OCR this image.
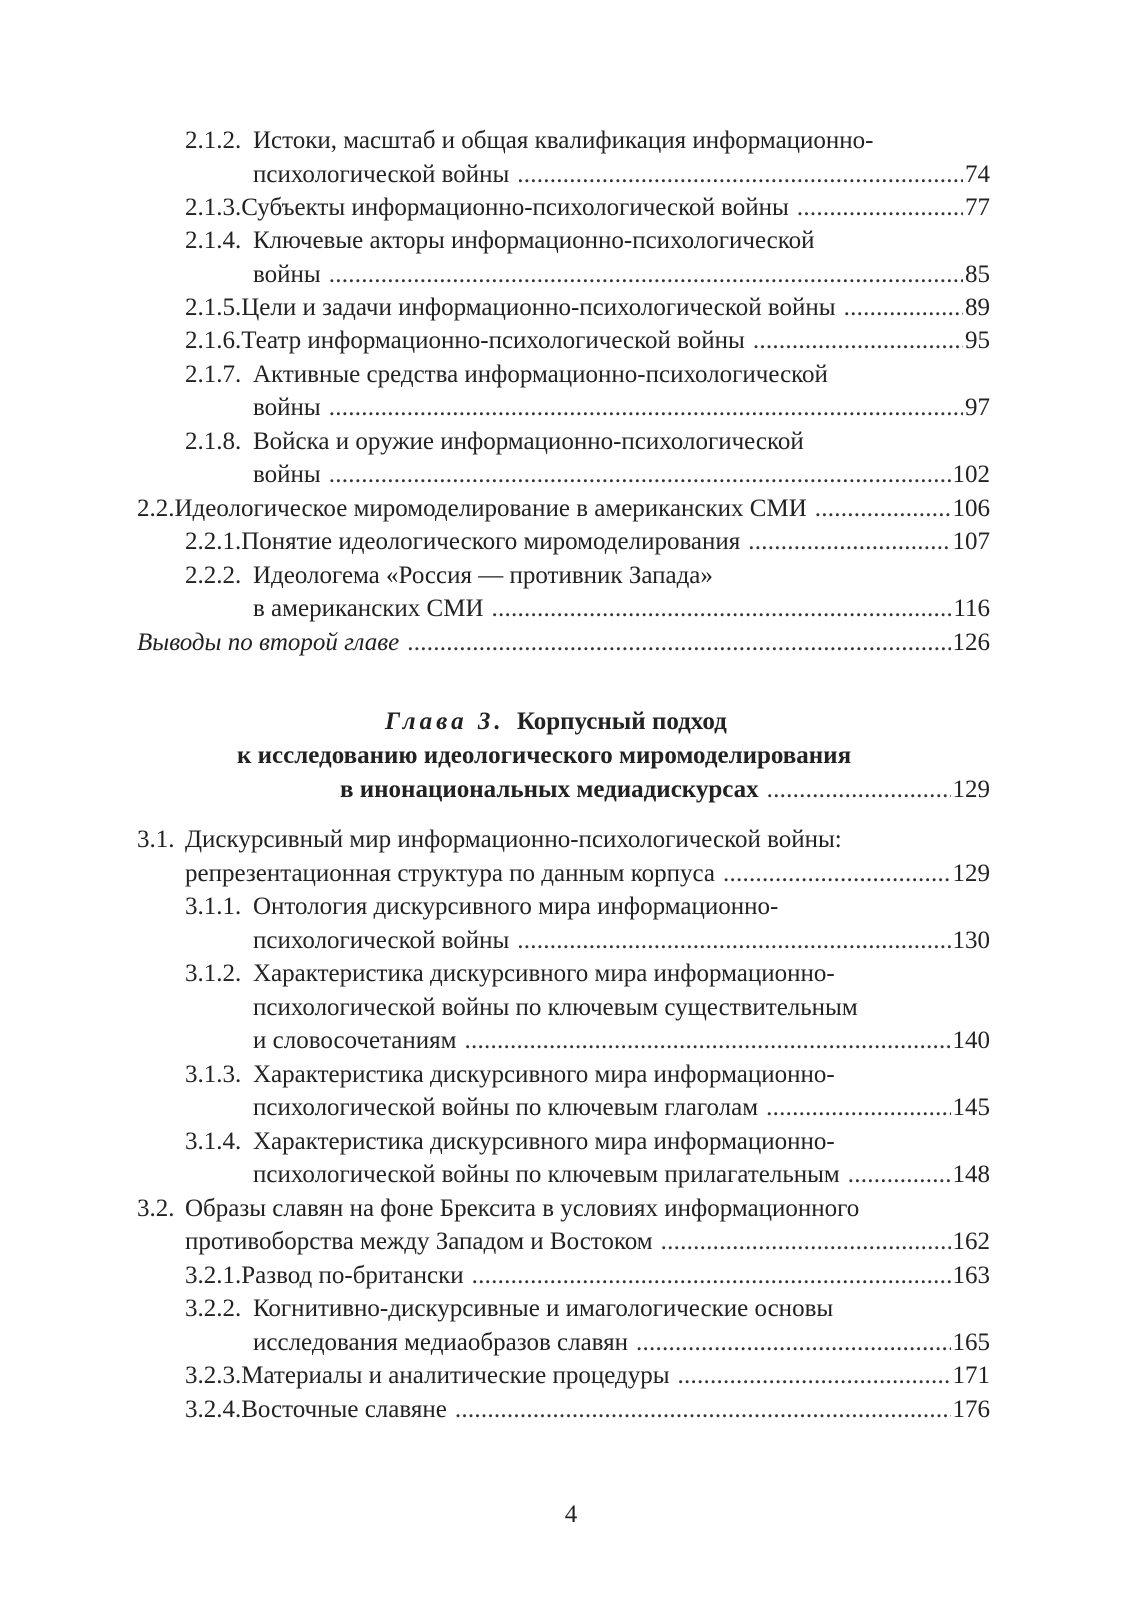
2.1.2. Истоки, масштаб и общая квалификация информационно-
психологической войны . . .	74
2.1.3. Субъекты информационно-психологической войны . . .	77
2.1.4. Ключевые акторы информационно-психологической
войны . . .	85
2.1.5. Цели и задачи информационно-психологической войны . . .	89
2.1.6. Театр информационно-психологической войны . . .	95
2.1.7. Активные средства информационно-психологической
войны . . .	97
2.1.8. Войска и оружие информационно-психологической
войны . . .	102
2.2. Идеологическое миромоделирование в американских СМИ . . .	106
2.2.1. Понятие идеологического миромоделирования . . .	107
2.2.2. Идеологема «Россия — противник Запада»
в американских СМИ . . .	116
Выводы по второй главе . . .	126
Глава 3. Корпусный подход
к исследованию идеологического миромоделирования
в инонациональных медиадискурсах . . .	129
3.1. Дискурсивный мир информационно-психологической войны:
репрезентационная структура по данным корпуса . . .	129
3.1.1. Онтология дискурсивного мира информационно-
психологической войны . . .	130
3.1.2. Характеристика дискурсивного мира информационно-
психологической войны по ключевым существительным
и словосочетаниям . . .	140
3.1.3. Характеристика дискурсивного мира информационно-
психологической войны по ключевым глаголам . . .	145
3.1.4. Характеристика дискурсивного мира информационно-
психологической войны по ключевым прилагательным . . .	148
3.2. Образы славян на фоне Брексита в условиях информационного
противоборства между Западом и Востоком . . .	162
3.2.1. Развод по-британски . . .	163
3.2.2. Когнитивно-дискурсивные и имагологические основы
исследования медиаобразов славян . . .	165
3.2.3. Материалы и аналитические процедуры . . .	171
3.2.4. Восточные славяне . . .	176
4
